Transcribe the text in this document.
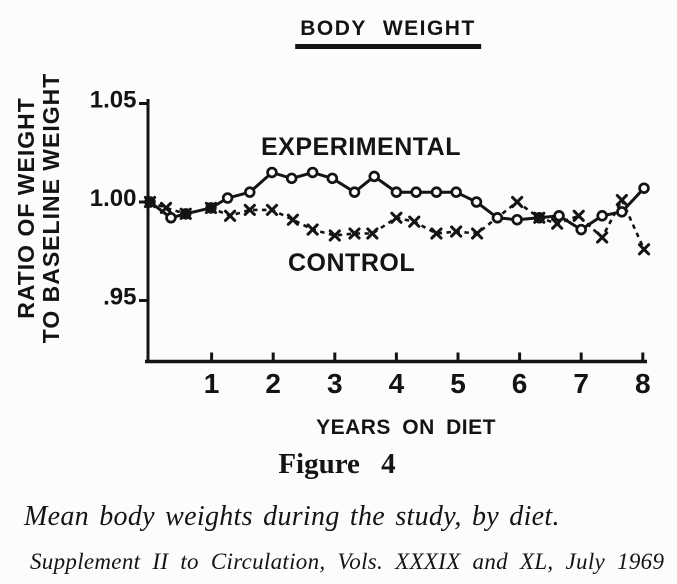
BODY WEIGHT
RATIO OF WEIGHT TO BASELINE WEIGHT 1.05
1.00
.95
1 2 3 4 5 6 7 8
EXPERIMENTAL
CONTROL
YEARS ON DIET
Figure 4
Mean body weights during the study, by diet.
Supplement II to Circulation, Vols. XXXIX and XL, July 1969
